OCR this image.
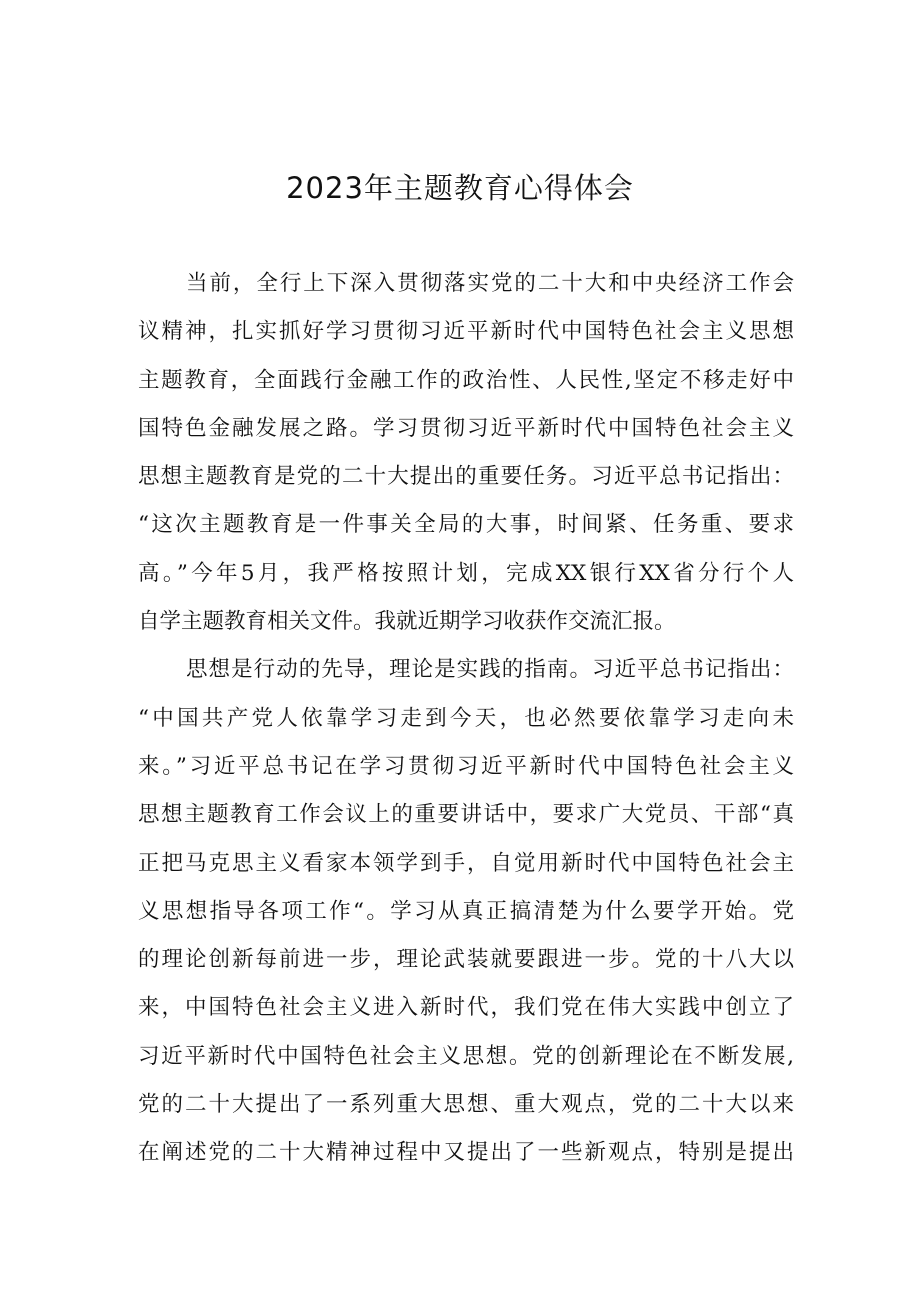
2023年主题教育心得体会
当前，全行上下深入贯彻落实党的二十大和中央经济工作会
议精神，扎实抓好学习贯彻习近平新时代中国特色社会主义思想
主题教育，全面践行金融工作的政治性、人民性,坚定不移走好中
国特色金融发展之路。学习贯彻习近平新时代中国特色社会主义
思想主题教育是党的二十大提出的重要任务。习近平总书记指出：
“这次主题教育是一件事关全局的大事，时间紧、任务重、要求
高。”今年5月，我严格按照计划，完成XX银行XX省分行个人
自学主题教育相关文件。我就近期学习收获作交流汇报。
思想是行动的先导，理论是实践的指南。习近平总书记指出：
“中国共产党人依靠学习走到今天，也必然要依靠学习走向未
来。”习近平总书记在学习贯彻习近平新时代中国特色社会主义
思想主题教育工作会议上的重要讲话中，要求广大党员、干部“真
正把马克思主义看家本领学到手，自觉用新时代中国特色社会主
义思想指导各项工作“。学习从真正搞清楚为什么要学开始。党
的理论创新每前进一步，理论武装就要跟进一步。党的十八大以
来，中国特色社会主义进入新时代，我们党在伟大实践中创立了
习近平新时代中国特色社会主义思想。党的创新理论在不断发展,
党的二十大提出了一系列重大思想、重大观点，党的二十大以来
在阐述党的二十大精神过程中又提出了一些新观点，特别是提出
